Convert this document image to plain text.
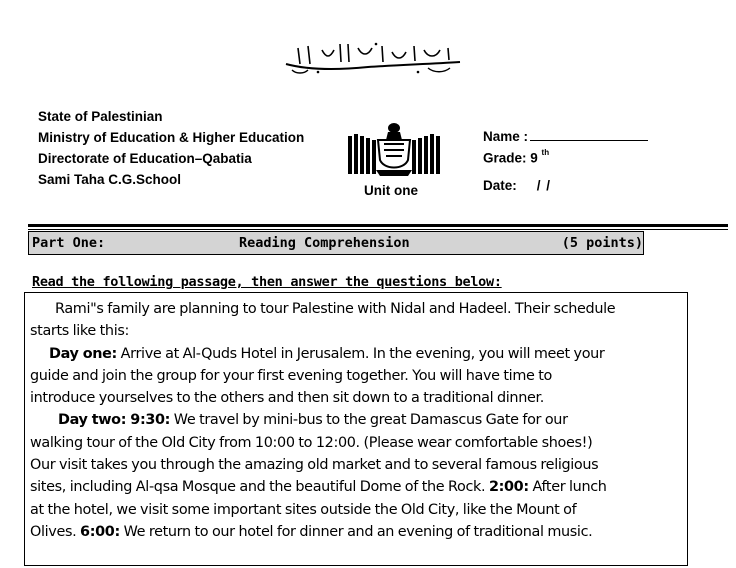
State of Palestinian
Ministry of Education & Higher Education
Directorate of Education–Qabatia
Sami Taha C.G.School
Unit one
Name :
Grade: 9 $^{th}$
Date: / /
Part One:	Reading Comprehension	(5 points)
Read the following passage, then answer the questions below:
Rami"s family are planning to tour Palestine with Nidal and Hadeel. Their schedule
starts like this:
Day one: Arrive at Al-Quds Hotel in Jerusalem. In the evening, you will meet your
guide and join the group for your first evening together. You will have time to
introduce yourselves to the others and then sit down to a traditional dinner.
Day two: 9:30: We travel by mini-bus to the great Damascus Gate for our
walking tour of the Old City from 10:00 to 12:00. (Please wear comfortable shoes!)
Our visit takes you through the amazing old market and to several famous religious
sites, including Al-qsa Mosque and the beautiful Dome of the Rock. 2:00: After lunch
at the hotel, we visit some important sites outside the Old City, like the Mount of
Olives. 6:00: We return to our hotel for dinner and an evening of traditional music.
